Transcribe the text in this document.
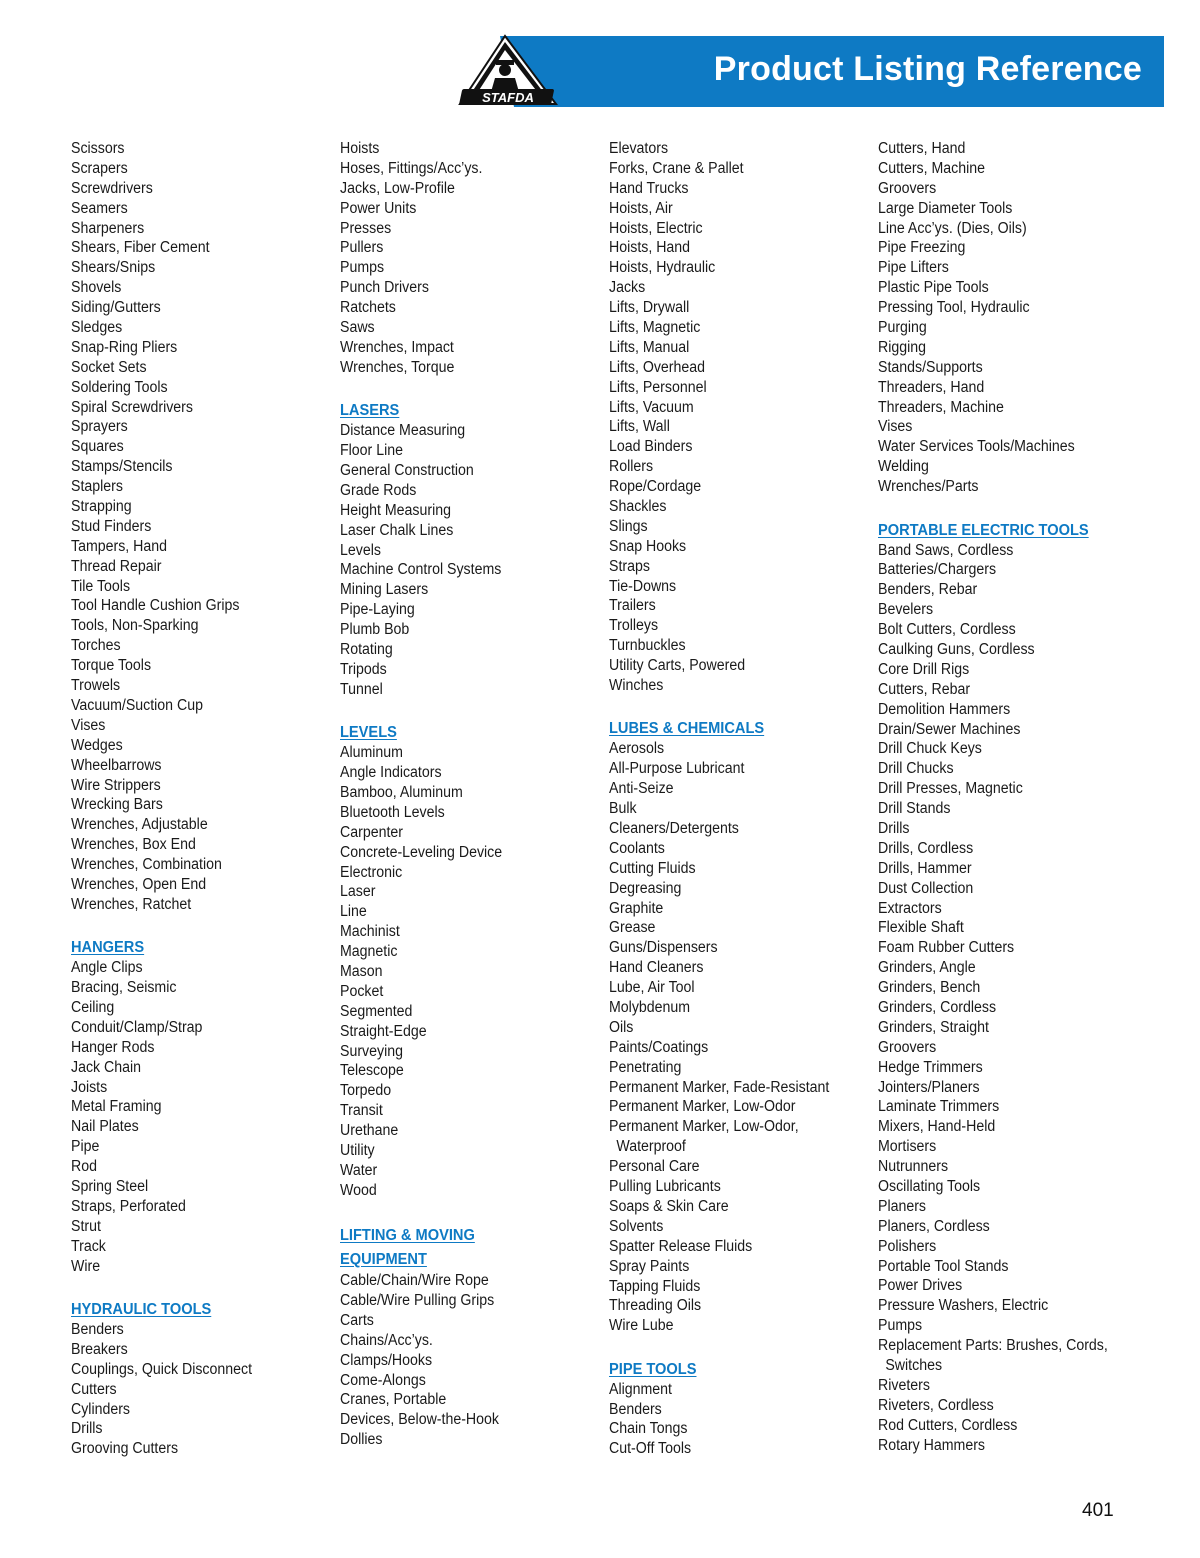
Product Listing Reference
STAFDA
Scissors
Scrapers
Screwdrivers
Seamers
Sharpeners
Shears, Fiber Cement
Shears/Snips
Shovels
Siding/Gutters
Sledges
Snap-Ring Pliers
Socket Sets
Soldering Tools
Spiral Screwdrivers
Sprayers
Squares
Stamps/Stencils
Staplers
Strapping
Stud Finders
Tampers, Hand
Thread Repair
Tile Tools
Tool Handle Cushion Grips
Tools, Non-Sparking
Torches
Torque Tools
Trowels
Vacuum/Suction Cup
Vises
Wedges
Wheelbarrows
Wire Strippers
Wrecking Bars
Wrenches, Adjustable
Wrenches, Box End
Wrenches, Combination
Wrenches, Open End
Wrenches, Ratchet
HANGERS
Angle Clips
Bracing, Seismic
Ceiling
Conduit/Clamp/Strap
Hanger Rods
Jack Chain
Joists
Metal Framing
Nail Plates
Pipe
Rod
Spring Steel
Straps, Perforated
Strut
Track
Wire
HYDRAULIC TOOLS
Benders
Breakers
Couplings, Quick Disconnect
Cutters
Cylinders
Drills
Grooving Cutters
Hoists
Hoses, Fittings/Acc’ys.
Jacks, Low-Profile
Power Units
Presses
Pullers
Pumps
Punch Drivers
Ratchets
Saws
Wrenches, Impact
Wrenches, Torque
LASERS
Distance Measuring
Floor Line
General Construction
Grade Rods
Height Measuring
Laser Chalk Lines
Levels
Machine Control Systems
Mining Lasers
Pipe-Laying
Plumb Bob
Rotating
Tripods
Tunnel
LEVELS
Aluminum
Angle Indicators
Bamboo, Aluminum
Bluetooth Levels
Carpenter
Concrete-Leveling Device
Electronic
Laser
Line
Machinist
Magnetic
Mason
Pocket
Segmented
Straight-Edge
Surveying
Telescope
Torpedo
Transit
Urethane
Utility
Water
Wood
LIFTING & MOVING EQUIPMENT
Cable/Chain/Wire Rope
Cable/Wire Pulling Grips
Carts
Chains/Acc’ys.
Clamps/Hooks
Come-Alongs
Cranes, Portable
Devices, Below-the-Hook
Dollies
Elevators
Forks, Crane & Pallet
Hand Trucks
Hoists, Air
Hoists, Electric
Hoists, Hand
Hoists, Hydraulic
Jacks
Lifts, Drywall
Lifts, Magnetic
Lifts, Manual
Lifts, Overhead
Lifts, Personnel
Lifts, Vacuum
Lifts, Wall
Load Binders
Rollers
Rope/Cordage
Shackles
Slings
Snap Hooks
Straps
Tie-Downs
Trailers
Trolleys
Turnbuckles
Utility Carts, Powered
Winches
LUBES & CHEMICALS
Aerosols
All-Purpose Lubricant
Anti-Seize
Bulk
Cleaners/Detergents
Coolants
Cutting Fluids
Degreasing
Graphite
Grease
Guns/Dispensers
Hand Cleaners
Lube, Air Tool
Molybdenum
Oils
Paints/Coatings
Penetrating
Permanent Marker, Fade-Resistant
Permanent Marker, Low-Odor
Permanent Marker, Low-Odor,
Waterproof
Personal Care
Pulling Lubricants
Soaps & Skin Care
Solvents
Spatter Release Fluids
Spray Paints
Tapping Fluids
Threading Oils
Wire Lube
PIPE TOOLS
Alignment
Benders
Chain Tongs
Cut-Off Tools
Cutters, Hand
Cutters, Machine
Groovers
Large Diameter Tools
Line Acc’ys. (Dies, Oils)
Pipe Freezing
Pipe Lifters
Plastic Pipe Tools
Pressing Tool, Hydraulic
Purging
Rigging
Stands/Supports
Threaders, Hand
Threaders, Machine
Vises
Water Services Tools/Machines
Welding
Wrenches/Parts
PORTABLE ELECTRIC TOOLS
Band Saws, Cordless
Batteries/Chargers
Benders, Rebar
Bevelers
Bolt Cutters, Cordless
Caulking Guns, Cordless
Core Drill Rigs
Cutters, Rebar
Demolition Hammers
Drain/Sewer Machines
Drill Chuck Keys
Drill Chucks
Drill Presses, Magnetic
Drill Stands
Drills
Drills, Cordless
Drills, Hammer
Dust Collection
Extractors
Flexible Shaft
Foam Rubber Cutters
Grinders, Angle
Grinders, Bench
Grinders, Cordless
Grinders, Straight
Groovers
Hedge Trimmers
Jointers/Planers
Laminate Trimmers
Mixers, Hand-Held
Mortisers
Nutrunners
Oscillating Tools
Planers
Planers, Cordless
Polishers
Portable Tool Stands
Power Drives
Pressure Washers, Electric
Pumps
Replacement Parts: Brushes, Cords,
Switches
Riveters
Riveters, Cordless
Rod Cutters, Cordless
Rotary Hammers
401
